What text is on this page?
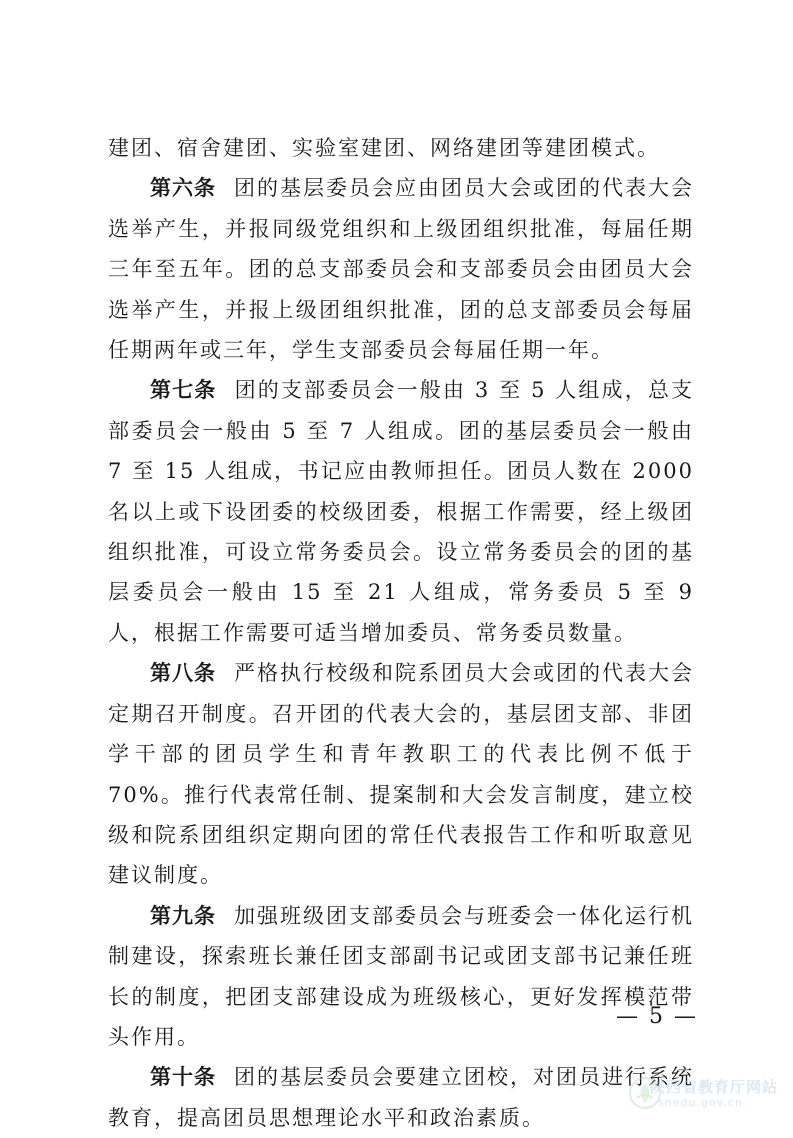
建团、宿舍建团、实验室建团、网络建团等建团模式。

第六条 团的基层委员会应由团员大会或团的代表大会选举产生，并报同级党组织和上级团组织批准，每届任期三年至五年。团的总支部委员会和支部委员会由团员大会选举产生，并报上级团组织批准，团的总支部委员会每届任期两年或三年，学生支部委员会每届任期一年。

第七条 团的支部委员会一般由 3 至 5 人组成，总支部委员会一般由 5 至 7 人组成。团的基层委员会一般由 7 至 15 人组成，书记应由教师担任。团员人数在 2000 名以上或下设团委的校级团委，根据工作需要，经上级团组织批准，可设立常务委员会。设立常务委员会的团的基层委员会一般由 15 至 21 人组成，常务委员 5 至 9 人，根据工作需要可适当增加委员、常务委员数量。

第八条 严格执行校级和院系团员大会或团的代表大会定期召开制度。召开团的代表大会的，基层团支部、非团学干部的团员学生和青年教职工的代表比例不低于 70%。推行代表常任制、提案制和大会发言制度，建立校级和院系团组织定期向团的常任代表报告工作和听取意见建议制度。

第九条 加强班级团支部委员会与班委会一体化运行机制建设，探索班长兼任团支部副书记或团支部书记兼任班长的制度，把团支部建设成为班级核心，更好发挥模范带头作用。

第十条 团的基层委员会要建立团校，对团员进行系统教育，提高团员思想理论水平和政治素质。

— 5 —
陕西省教育厅网站
snedu.gov.cn
